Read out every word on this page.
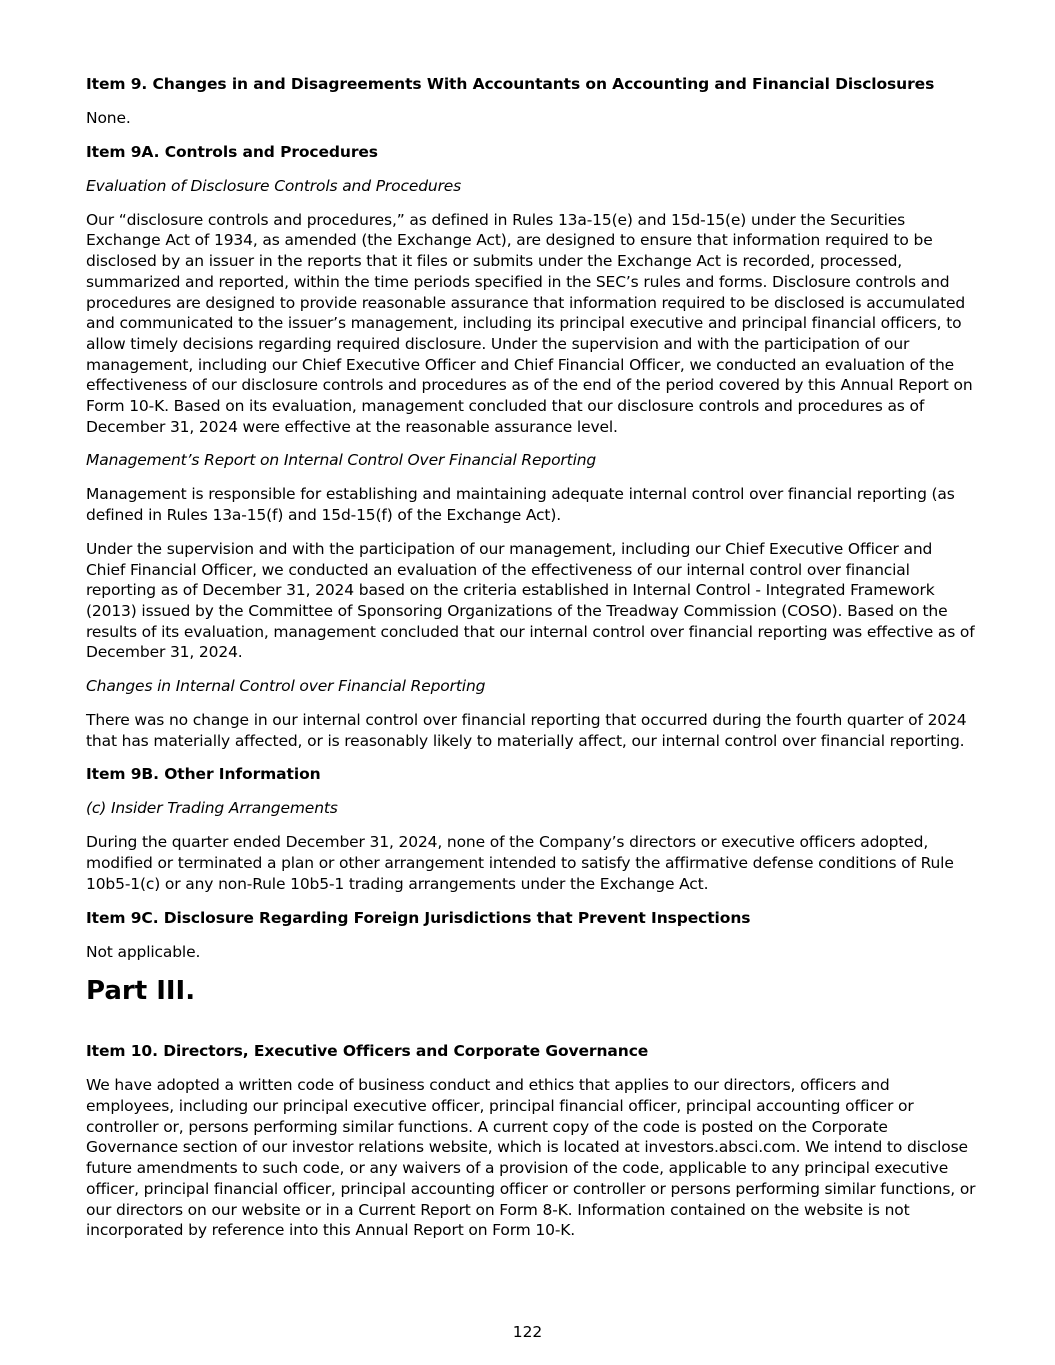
Item 9. Changes in and Disagreements With Accountants on Accounting and Financial Disclosures
None.
Item 9A. Controls and Procedures
Evaluation of Disclosure Controls and Procedures
Our “disclosure controls and procedures,” as defined in Rules 13a-15(e) and 15d-15(e) under the Securities Exchange Act of 1934, as amended (the Exchange Act), are designed to ensure that information required to be disclosed by an issuer in the reports that it files or submits under the Exchange Act is recorded, processed, summarized and reported, within the time periods specified in the SEC’s rules and forms. Disclosure controls and procedures are designed to provide reasonable assurance that information required to be disclosed is accumulated and communicated to the issuer’s management, including its principal executive and principal financial officers, to allow timely decisions regarding required disclosure. Under the supervision and with the participation of our management, including our Chief Executive Officer and Chief Financial Officer, we conducted an evaluation of the effectiveness of our disclosure controls and procedures as of the end of the period covered by this Annual Report on Form 10-K. Based on its evaluation, management concluded that our disclosure controls and procedures as of December 31, 2024 were effective at the reasonable assurance level.
Management’s Report on Internal Control Over Financial Reporting
Management is responsible for establishing and maintaining adequate internal control over financial reporting (as defined in Rules 13a-15(f) and 15d-15(f) of the Exchange Act).
Under the supervision and with the participation of our management, including our Chief Executive Officer and Chief Financial Officer, we conducted an evaluation of the effectiveness of our internal control over financial reporting as of December 31, 2024 based on the criteria established in Internal Control - Integrated Framework (2013) issued by the Committee of Sponsoring Organizations of the Treadway Commission (COSO). Based on the results of its evaluation, management concluded that our internal control over financial reporting was effective as of December 31, 2024.
Changes in Internal Control over Financial Reporting
There was no change in our internal control over financial reporting that occurred during the fourth quarter of 2024 that has materially affected, or is reasonably likely to materially affect, our internal control over financial reporting.
Item 9B. Other Information
(c) Insider Trading Arrangements
During the quarter ended December 31, 2024, none of the Company’s directors or executive officers adopted, modified or terminated a plan or other arrangement intended to satisfy the affirmative defense conditions of Rule 10b5-1(c) or any non-Rule 10b5-1 trading arrangements under the Exchange Act.
Item 9C. Disclosure Regarding Foreign Jurisdictions that Prevent Inspections
Not applicable.
Part III.
Item 10. Directors, Executive Officers and Corporate Governance
We have adopted a written code of business conduct and ethics that applies to our directors, officers and employees, including our principal executive officer, principal financial officer, principal accounting officer or controller or, persons performing similar functions. A current copy of the code is posted on the Corporate Governance section of our investor relations website, which is located at investors.absci.com. We intend to disclose future amendments to such code, or any waivers of a provision of the code, applicable to any principal executive officer, principal financial officer, principal accounting officer or controller or persons performing similar functions, or our directors on our website or in a Current Report on Form 8-K. Information contained on the website is not incorporated by reference into this Annual Report on Form 10-K.
122
